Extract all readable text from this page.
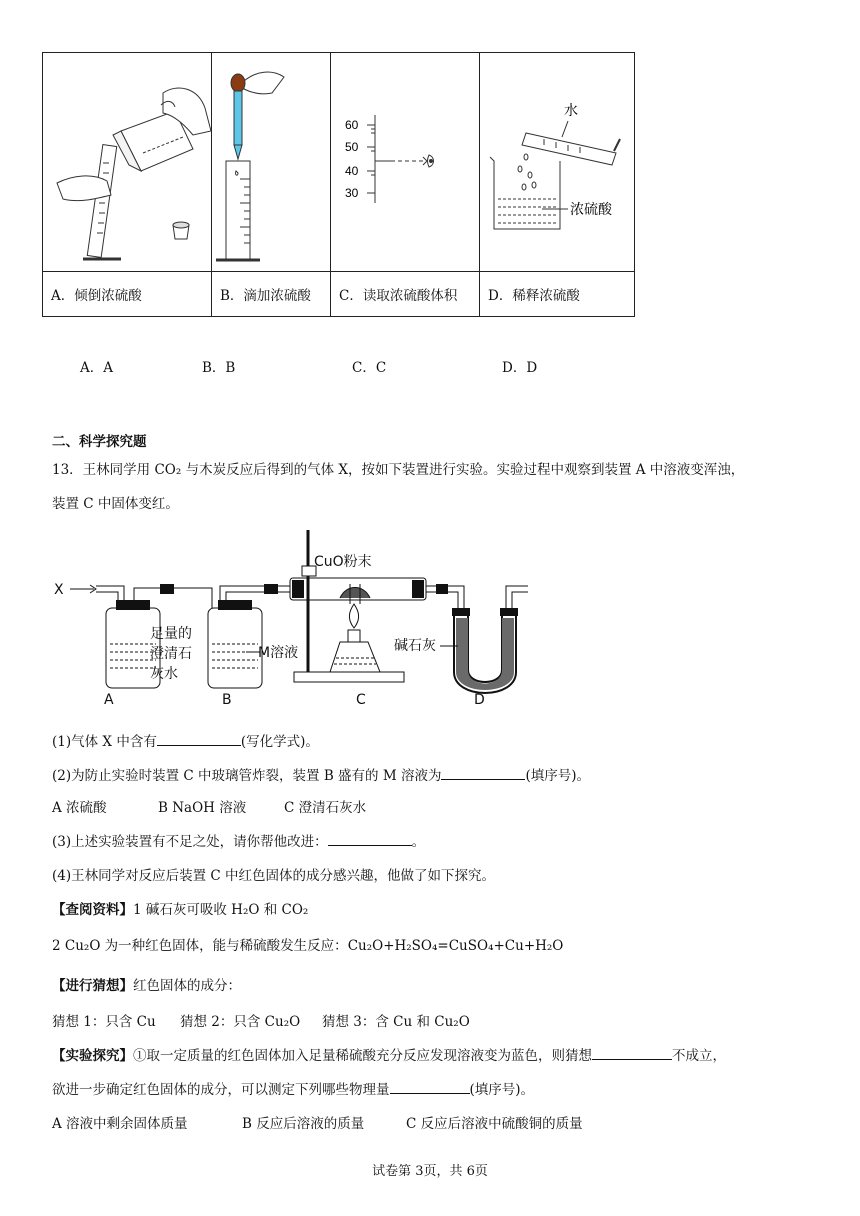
60
50
40
30	水
浓硫酸

A．倾倒浓硫酸	B．滴加浓硫酸	C．读取浓硫酸体积	D．稀释浓硫酸
A．A	B．B	C．C	D．D
二、科学探究题
13．王林同学用 CO₂ 与木炭反应后得到的气体 X，按如下装置进行实验。实验过程中观察到装置 A 中溶液变浑浊，
装置 C 中固体变红。
X
CuO粉末
足量的
澄清石
灰水
M溶液	碱石灰
A	B	C	D
(1)气体 X 中含有	(写化学式)。
(2)为防止实验时装置 C 中玻璃管炸裂，装置 B 盛有的 M 溶液为	(填序号)。
A 浓硫酸	B NaOH 溶液	C 澄清石灰水
(3)上述实验装置有不足之处，请你帮他改进：	。
(4)王林同学对反应后装置 C 中红色固体的成分感兴趣，他做了如下探究。
【查阅资料】1 碱石灰可吸收 H₂O 和 CO₂
2 Cu₂O 为一种红色固体，能与稀硫酸发生反应：Cu₂O+H₂SO₄=CuSO₄+Cu+H₂O
【进行猜想】红色固体的成分：
猜想 1：只含 Cu 猜想 2：只含 Cu₂O 猜想 3：含 Cu 和 Cu₂O
【实验探究】①取一定质量的红色固体加入足量稀硫酸充分反应发现溶液变为蓝色，则猜想	不成立，
欲进一步确定红色固体的成分，可以测定下列哪些物理量	(填序号)。
A 溶液中剩余固体质量	B 反应后溶液的质量	C 反应后溶液中硫酸铜的质量
试卷第 3页，共 6页
